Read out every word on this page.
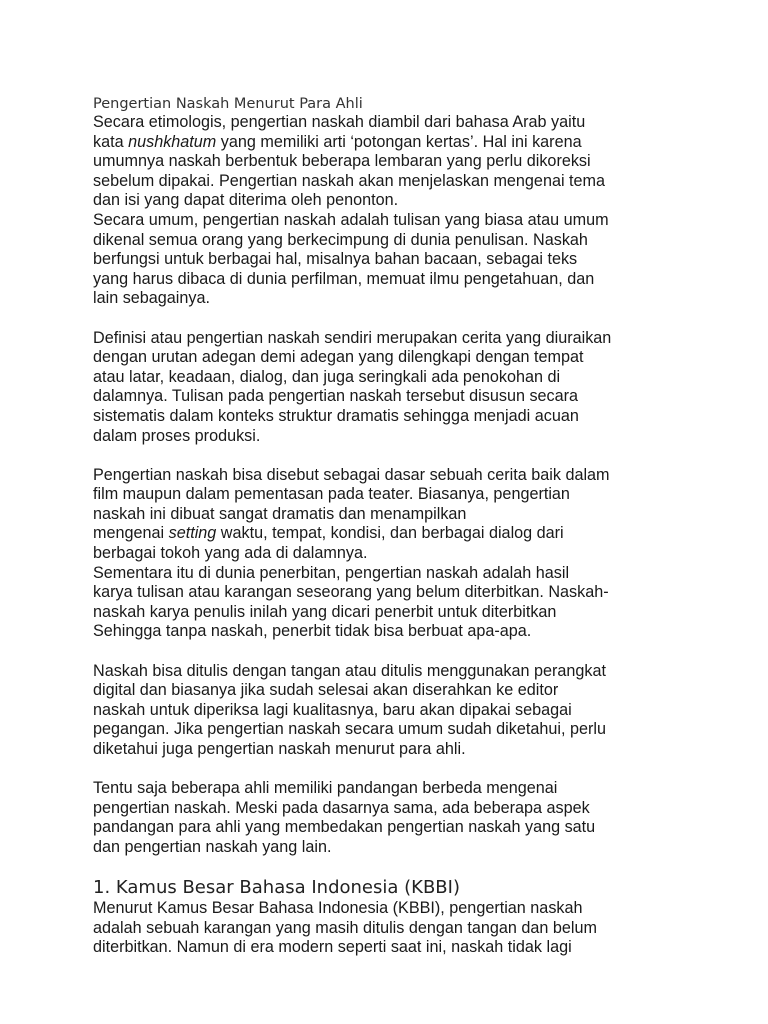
Pengertian Naskah Menurut Para Ahli

Secara etimologis, pengertian naskah diambil dari bahasa Arab yaitu
kata nushkhatum yang memiliki arti ‘potongan kertas’. Hal ini karena
umumnya naskah berbentuk beberapa lembaran yang perlu dikoreksi
sebelum dipakai. Pengertian naskah akan menjelaskan mengenai tema
dan isi yang dapat diterima oleh penonton.

Secara umum, pengertian naskah adalah tulisan yang biasa atau umum
dikenal semua orang yang berkecimpung di dunia penulisan. Naskah
berfungsi untuk berbagai hal, misalnya bahan bacaan, sebagai teks
yang harus dibaca di dunia perfilman, memuat ilmu pengetahuan, dan
lain sebagainya.

Definisi atau pengertian naskah sendiri merupakan cerita yang diuraikan
dengan urutan adegan demi adegan yang dilengkapi dengan tempat
atau latar, keadaan, dialog, dan juga seringkali ada penokohan di
dalamnya. Tulisan pada pengertian naskah tersebut disusun secara
sistematis dalam konteks struktur dramatis sehingga menjadi acuan
dalam proses produksi.

Pengertian naskah bisa disebut sebagai dasar sebuah cerita baik dalam
film maupun dalam pementasan pada teater. Biasanya, pengertian
naskah ini dibuat sangat dramatis dan menampilkan
mengenai setting waktu, tempat, kondisi, dan berbagai dialog dari
berbagai tokoh yang ada di dalamnya.

Sementara itu di dunia penerbitan, pengertian naskah adalah hasil
karya tulisan atau karangan seseorang yang belum diterbitkan. Naskah-
naskah karya penulis inilah yang dicari penerbit untuk diterbitkan
Sehingga tanpa naskah, penerbit tidak bisa berbuat apa-apa.

Naskah bisa ditulis dengan tangan atau ditulis menggunakan perangkat
digital dan biasanya jika sudah selesai akan diserahkan ke editor
naskah untuk diperiksa lagi kualitasnya, baru akan dipakai sebagai
pegangan. Jika pengertian naskah secara umum sudah diketahui, perlu
diketahui juga pengertian naskah menurut para ahli.

Tentu saja beberapa ahli memiliki pandangan berbeda mengenai
pengertian naskah. Meski pada dasarnya sama, ada beberapa aspek
pandangan para ahli yang membedakan pengertian naskah yang satu
dan pengertian naskah yang lain.

1. Kamus Besar Bahasa Indonesia (KBBI)

Menurut Kamus Besar Bahasa Indonesia (KBBI), pengertian naskah
adalah sebuah karangan yang masih ditulis dengan tangan dan belum
diterbitkan. Namun di era modern seperti saat ini, naskah tidak lagi
